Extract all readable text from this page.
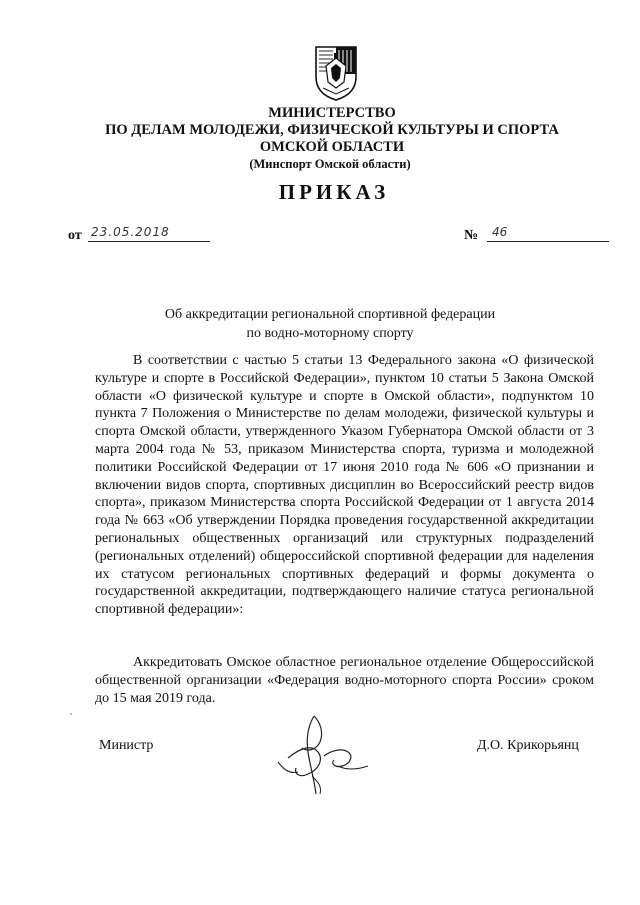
МИНИСТЕРСТВО
ПО ДЕЛАМ МОЛОДЕЖИ, ФИЗИЧЕСКОЙ КУЛЬТУРЫ И СПОРТА
ОМСКОЙ ОБЛАСТИ
(Минспорт Омской области)
ПРИКАЗ
от 23.05.2018	№ 46
Об аккредитации региональной спортивной федерации
по водно-моторному спорту

В соответствии с частью 5 статьи 13 Федерального закона «О физической культуре и спорте в Российской Федерации», пунктом 10 статьи 5 Закона Омской области «О физической культуре и спорте в Омской области», подпунктом 10 пункта 7 Положения о Министерстве по делам молодежи, физической культуры и спорта Омской области, утвержденного Указом Губернатора Омской области от 3 марта 2004 года № 53, приказом Министерства спорта, туризма и молодежной политики Российской Федерации от 17 июня 2010 года № 606 «О признании и включении видов спорта, спортивных дисциплин во Всероссийский реестр видов спорта», приказом Министерства спорта Российской Федерации от 1 августа 2014 года № 663 «Об утверждении Порядка проведения государственной аккредитации региональных общественных организаций или структурных подразделений (региональных отделений) общероссийской спортивной федерации для наделения их статусом региональных спортивных федераций и формы документа о государственной аккредитации, подтверждающего наличие статуса региональной спортивной федерации»:

Аккредитовать Омское областное региональное отделение Общероссийской общественной организации «Федерация водно-моторного спорта России» сроком до 15 мая 2019 года.

Министр	Д.О. Крикорьянц
